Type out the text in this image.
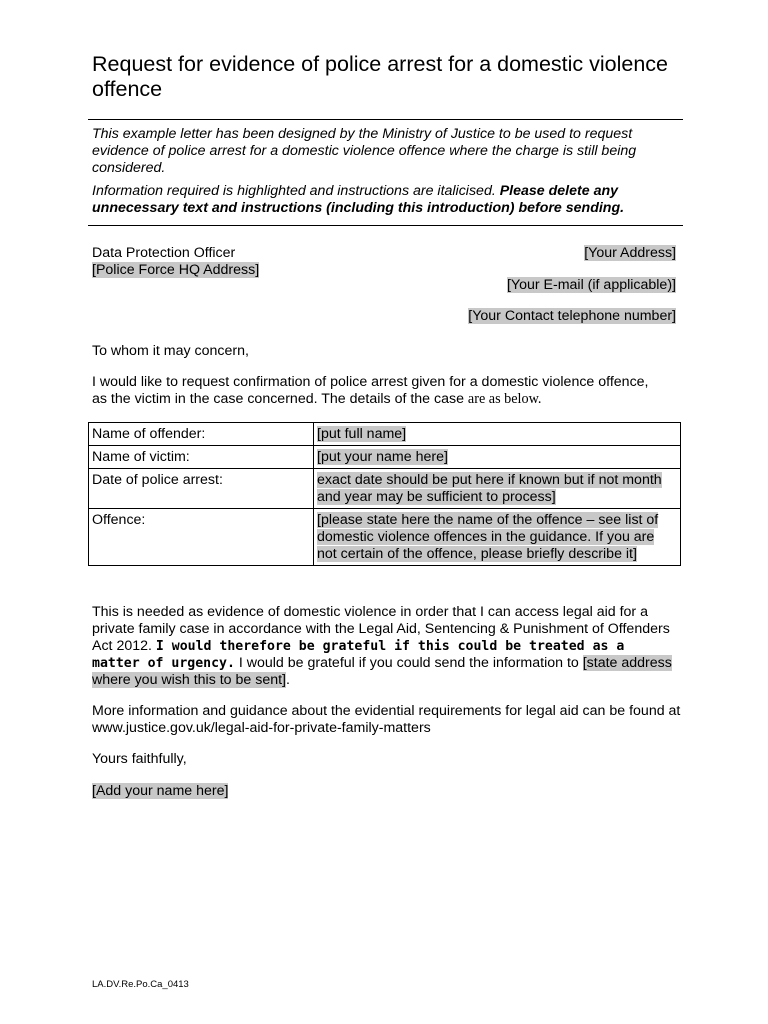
Request for evidence of police arrest for a domestic violence offence

This example letter has been designed by the Ministry of Justice to be used to request evidence of police arrest for a domestic violence offence where the charge is still being considered.

Information required is highlighted and instructions are italicised. Please delete any unnecessary text and instructions (including this introduction) before sending.

Data Protection Officer

[Police Force HQ Address]

[Your Address]

[Your E-mail (if applicable)]

[Your Contact telephone number]

To whom it may concern,

I would like to request confirmation of police arrest given for a domestic violence offence, as the victim in the case concerned. The details of the case are as below.

Name of offender:	[put full name]
Name of victim:	[put your name here]
Date of police arrest:	exact date should be put here if known but if not month and year may be sufficient to process]
Offence:	[please state here the name of the offence – see list of domestic violence offences in the guidance. If you are not certain of the offence, please briefly describe it]

This is needed as evidence of domestic violence in order that I can access legal aid for a private family case in accordance with the Legal Aid, Sentencing & Punishment of Offenders Act 2012. I would therefore be grateful if this could be treated as a matter of urgency. I would be grateful if you could send the information to [state address where you wish this to be sent].

More information and guidance about the evidential requirements for legal aid can be found at www.justice.gov.uk/legal-aid-for-private-family-matters

Yours faithfully,

[Add your name here]

LA.DV.Re.Po.Ca_0413
